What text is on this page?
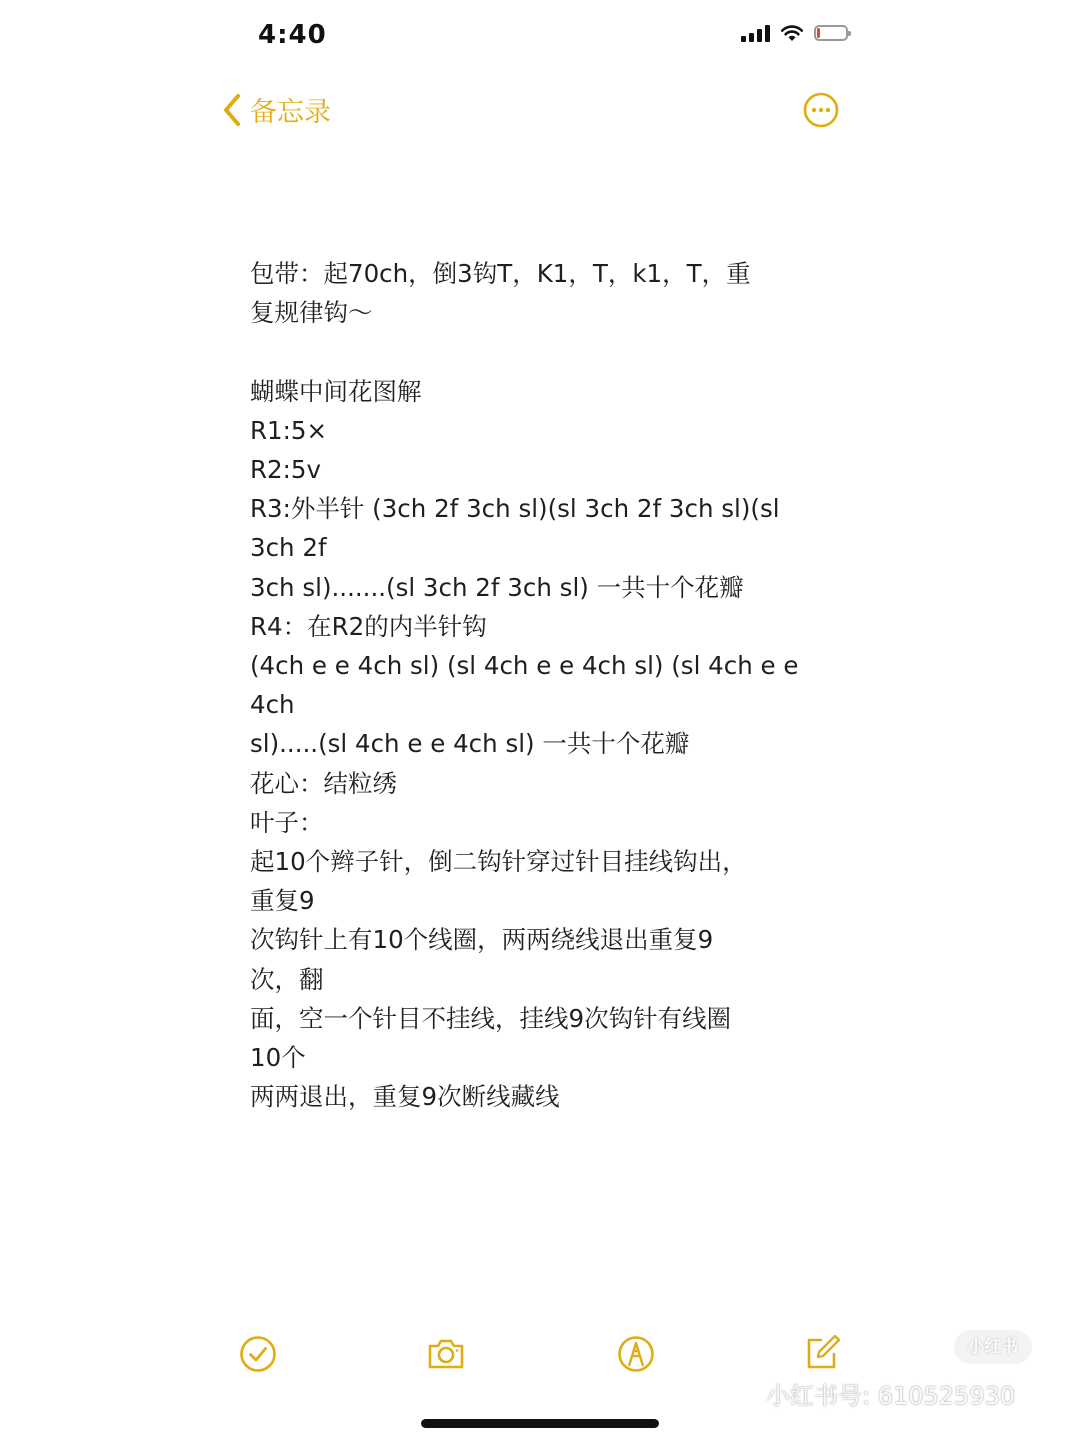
4:40
备忘录
包带：起70ch，倒3钩T，K1，T，k1，T，重
复规律钩～
蝴蝶中间花图解
R1:5×
R2:5v
R3:外半针 (3ch 2f 3ch sl)(sl 3ch 2f 3ch sl)(sl
3ch 2f
3ch sl).......(sl 3ch 2f 3ch sl) 一共十个花瓣
R4：在R2的内半针钩
(4ch e e 4ch sl) (sl 4ch e e 4ch sl) (sl 4ch e e
4ch
sl).....(sl 4ch e e 4ch sl) 一共十个花瓣
花心：结粒绣
叶子：
起10个辫子针，倒二钩针穿过针目挂线钩出，
重复9
次钩针上有10个线圈，两两绕线退出重复9
次，翻
面，空一个针目不挂线，挂线9次钩针有线圈
10个
两两退出，重复9次断线藏线
小红书
小红书号: 610525930
